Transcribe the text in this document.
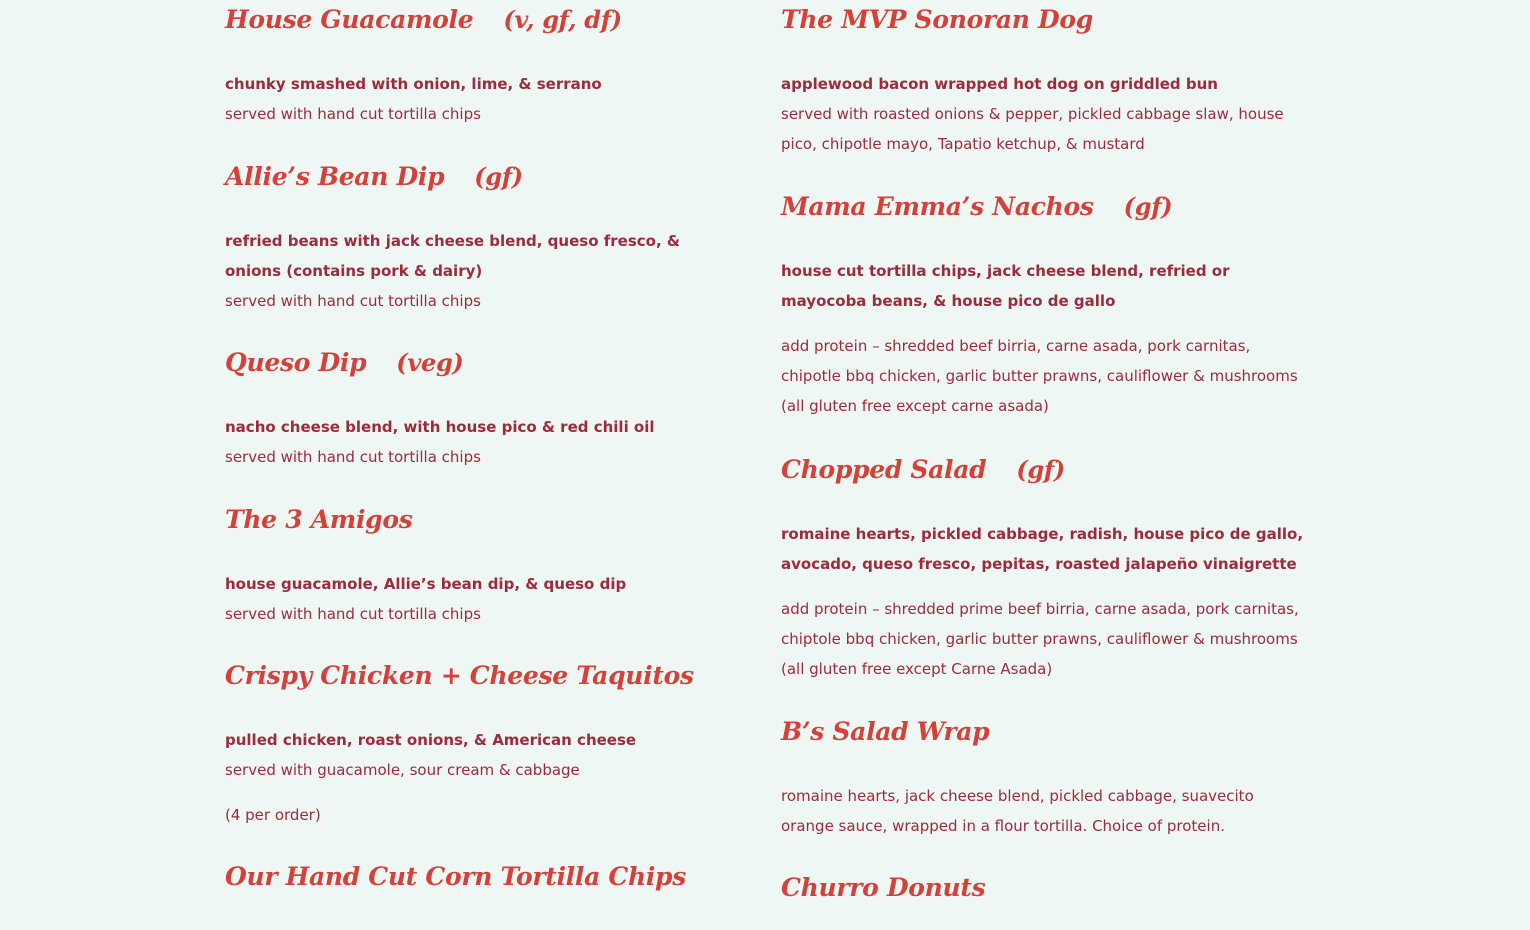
House Guacamole (v, gf, df)
chunky smashed with onion, lime, & serrano
served with hand cut tortilla chips
Allie’s Bean Dip (gf)
refried beans with jack cheese blend, queso fresco, & onions (contains pork & dairy)
served with hand cut tortilla chips
Queso Dip (veg)
nacho cheese blend, with house pico & red chili oil
served with hand cut tortilla chips
The 3 Amigos
house guacamole, Allie’s bean dip, & queso dip
served with hand cut tortilla chips
Crispy Chicken + Cheese Taquitos
pulled chicken, roast onions, & American cheese
served with guacamole, sour cream & cabbage
(4 per order)
Our Hand Cut Corn Tortilla Chips
The MVP Sonoran Dog
applewood bacon wrapped hot dog on griddled bun
served with roasted onions & pepper, pickled cabbage slaw, house pico, chipotle mayo, Tapatio ketchup, & mustard
Mama Emma’s Nachos (gf)
house cut tortilla chips, jack cheese blend, refried or mayocoba beans, & house pico de gallo
add protein – shredded beef birria, carne asada, pork carnitas, chipotle bbq chicken, garlic butter prawns, cauliflower & mushrooms (all gluten free except carne asada)
Chopped Salad (gf)
romaine hearts, pickled cabbage, radish, house pico de gallo, avocado, queso fresco, pepitas, roasted jalapeño vinaigrette
add protein – shredded prime beef birria, carne asada, pork carnitas, chiptole bbq chicken, garlic butter prawns, cauliflower & mushrooms (all gluten free except Carne Asada)
B’s Salad Wrap
romaine hearts, jack cheese blend, pickled cabbage, suavecito orange sauce, wrapped in a flour tortilla. Choice of protein.
Churro Donuts
